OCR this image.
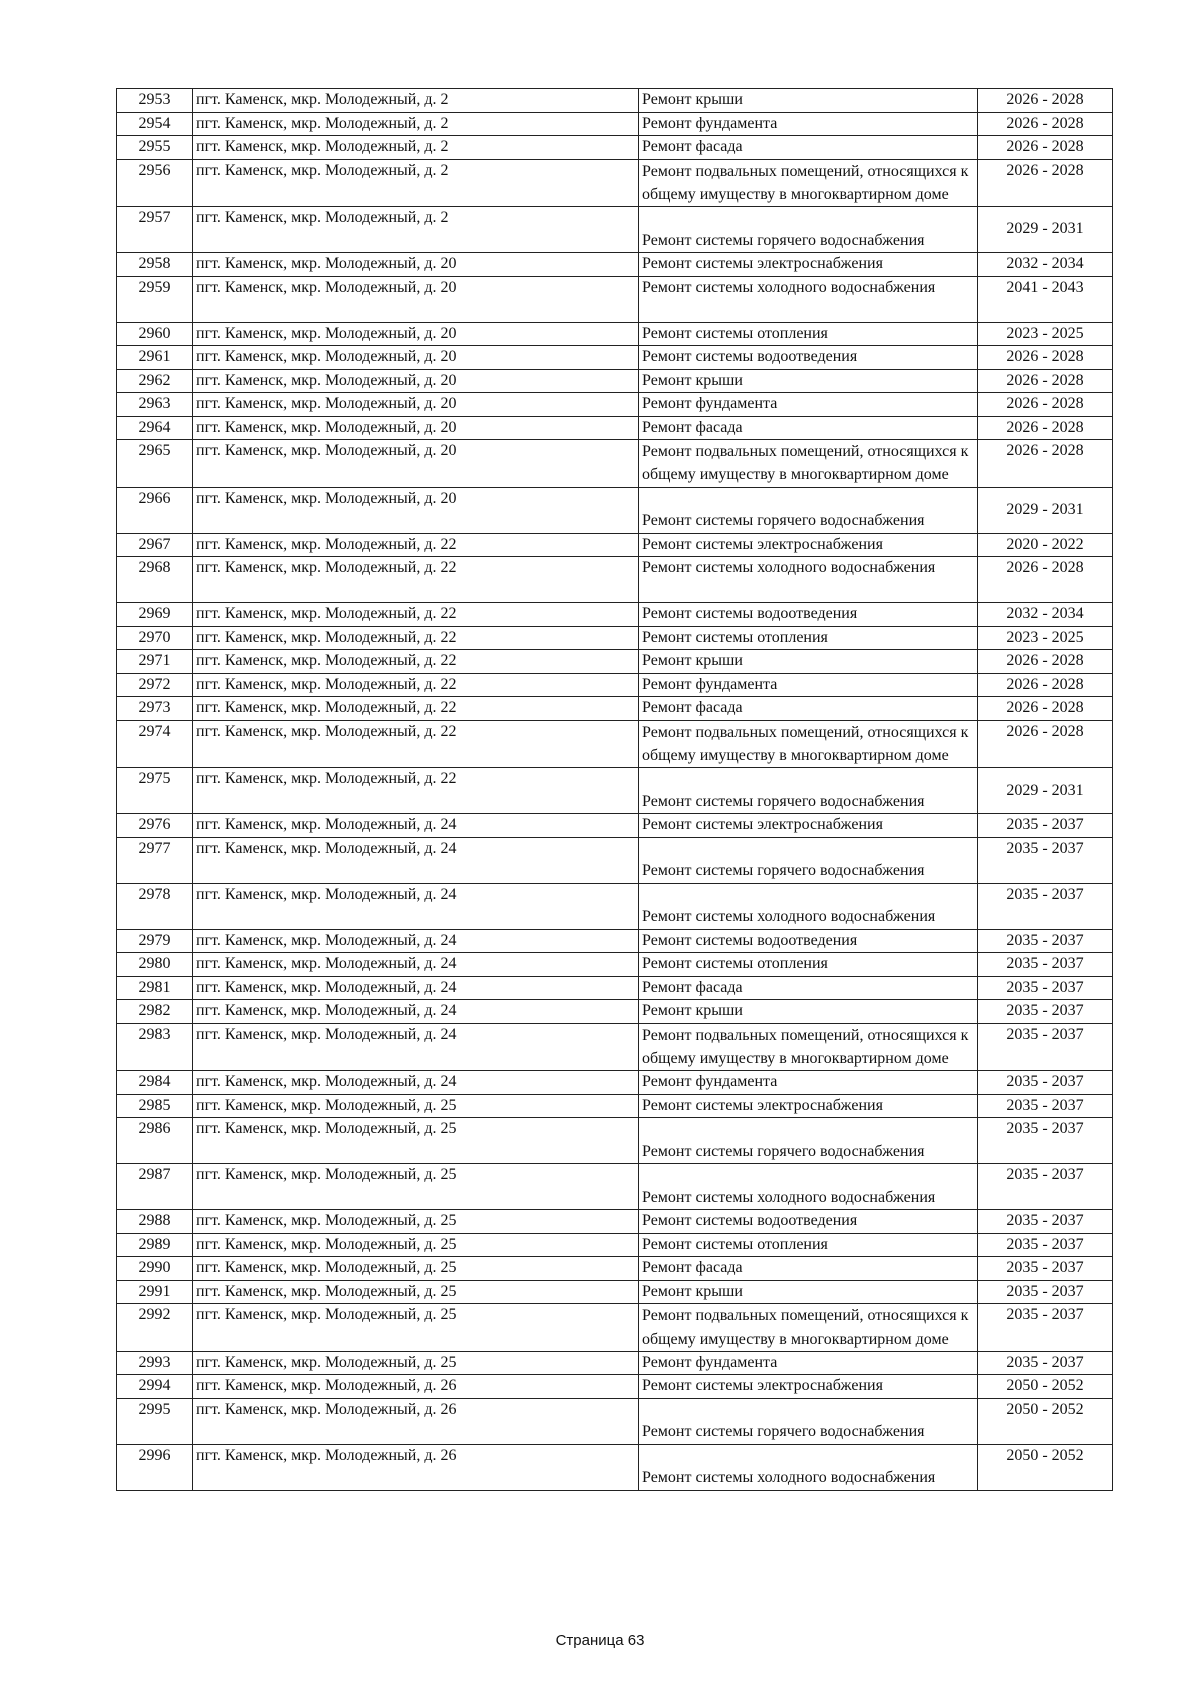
2953	пгт. Каменск, мкр. Молодежный, д. 2	Ремонт крыши	2026 - 2028
2954	пгт. Каменск, мкр. Молодежный, д. 2	Ремонт фундамента	2026 - 2028
2955	пгт. Каменск, мкр. Молодежный, д. 2	Ремонт фасада	2026 - 2028
2956	пгт. Каменск, мкр. Молодежный, д. 2	Ремонт подвальных помещений, относящихся к общему имуществу в многоквартирном доме	2026 - 2028
2957	пгт. Каменск, мкр. Молодежный, д. 2	Ремонт системы горячего водоснабжения	2029 - 2031
2958	пгт. Каменск, мкр. Молодежный, д. 20	Ремонт системы электроснабжения	2032 - 2034
2959	пгт. Каменск, мкр. Молодежный, д. 20	Ремонт системы холодного водоснабжения	2041 - 2043
2960	пгт. Каменск, мкр. Молодежный, д. 20	Ремонт системы отопления	2023 - 2025
2961	пгт. Каменск, мкр. Молодежный, д. 20	Ремонт системы водоотведения	2026 - 2028
2962	пгт. Каменск, мкр. Молодежный, д. 20	Ремонт крыши	2026 - 2028
2963	пгт. Каменск, мкр. Молодежный, д. 20	Ремонт фундамента	2026 - 2028
2964	пгт. Каменск, мкр. Молодежный, д. 20	Ремонт фасада	2026 - 2028
2965	пгт. Каменск, мкр. Молодежный, д. 20	Ремонт подвальных помещений, относящихся к общему имуществу в многоквартирном доме	2026 - 2028
2966	пгт. Каменск, мкр. Молодежный, д. 20	Ремонт системы горячего водоснабжения	2029 - 2031
2967	пгт. Каменск, мкр. Молодежный, д. 22	Ремонт системы электроснабжения	2020 - 2022
2968	пгт. Каменск, мкр. Молодежный, д. 22	Ремонт системы холодного водоснабжения	2026 - 2028
2969	пгт. Каменск, мкр. Молодежный, д. 22	Ремонт системы водоотведения	2032 - 2034
2970	пгт. Каменск, мкр. Молодежный, д. 22	Ремонт системы отопления	2023 - 2025
2971	пгт. Каменск, мкр. Молодежный, д. 22	Ремонт крыши	2026 - 2028
2972	пгт. Каменск, мкр. Молодежный, д. 22	Ремонт фундамента	2026 - 2028
2973	пгт. Каменск, мкр. Молодежный, д. 22	Ремонт фасада	2026 - 2028
2974	пгт. Каменск, мкр. Молодежный, д. 22	Ремонт подвальных помещений, относящихся к общему имуществу в многоквартирном доме	2026 - 2028
2975	пгт. Каменск, мкр. Молодежный, д. 22	Ремонт системы горячего водоснабжения	2029 - 2031
2976	пгт. Каменск, мкр. Молодежный, д. 24	Ремонт системы электроснабжения	2035 - 2037
2977	пгт. Каменск, мкр. Молодежный, д. 24	Ремонт системы горячего водоснабжения	2035 - 2037
2978	пгт. Каменск, мкр. Молодежный, д. 24	Ремонт системы холодного водоснабжения	2035 - 2037
2979	пгт. Каменск, мкр. Молодежный, д. 24	Ремонт системы водоотведения	2035 - 2037
2980	пгт. Каменск, мкр. Молодежный, д. 24	Ремонт системы отопления	2035 - 2037
2981	пгт. Каменск, мкр. Молодежный, д. 24	Ремонт фасада	2035 - 2037
2982	пгт. Каменск, мкр. Молодежный, д. 24	Ремонт крыши	2035 - 2037
2983	пгт. Каменск, мкр. Молодежный, д. 24	Ремонт подвальных помещений, относящихся к общему имуществу в многоквартирном доме	2035 - 2037
2984	пгт. Каменск, мкр. Молодежный, д. 24	Ремонт фундамента	2035 - 2037
2985	пгт. Каменск, мкр. Молодежный, д. 25	Ремонт системы электроснабжения	2035 - 2037
2986	пгт. Каменск, мкр. Молодежный, д. 25	Ремонт системы горячего водоснабжения	2035 - 2037
2987	пгт. Каменск, мкр. Молодежный, д. 25	Ремонт системы холодного водоснабжения	2035 - 2037
2988	пгт. Каменск, мкр. Молодежный, д. 25	Ремонт системы водоотведения	2035 - 2037
2989	пгт. Каменск, мкр. Молодежный, д. 25	Ремонт системы отопления	2035 - 2037
2990	пгт. Каменск, мкр. Молодежный, д. 25	Ремонт фасада	2035 - 2037
2991	пгт. Каменск, мкр. Молодежный, д. 25	Ремонт крыши	2035 - 2037
2992	пгт. Каменск, мкр. Молодежный, д. 25	Ремонт подвальных помещений, относящихся к общему имуществу в многоквартирном доме	2035 - 2037
2993	пгт. Каменск, мкр. Молодежный, д. 25	Ремонт фундамента	2035 - 2037
2994	пгт. Каменск, мкр. Молодежный, д. 26	Ремонт системы электроснабжения	2050 - 2052
2995	пгт. Каменск, мкр. Молодежный, д. 26	Ремонт системы горячего водоснабжения	2050 - 2052
2996	пгт. Каменск, мкр. Молодежный, д. 26	Ремонт системы холодного водоснабжения	2050 - 2052
Страница 63
